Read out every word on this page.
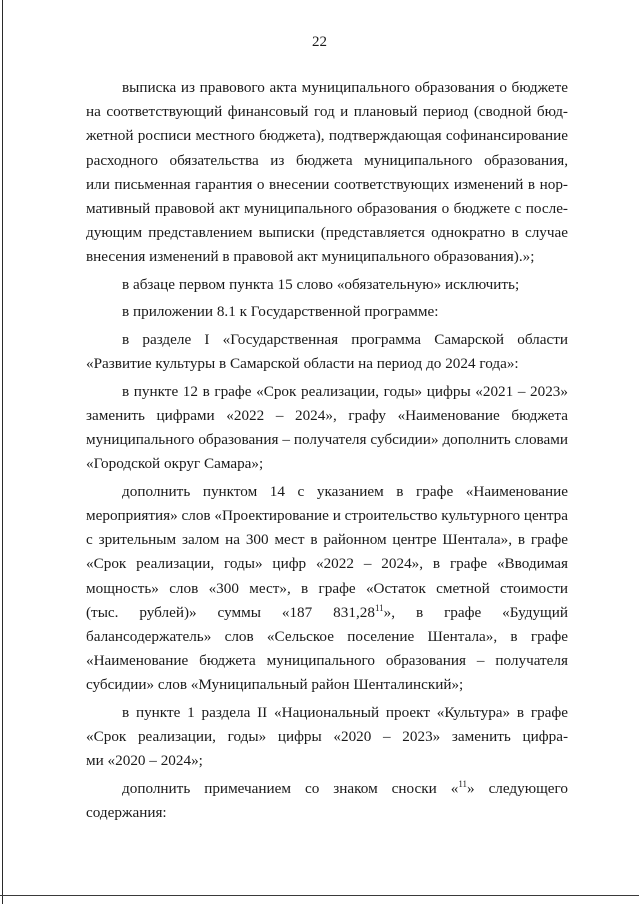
22
выписка из правового акта муниципального образования о бюджете
на соответствующий финансовый год и плановый период (сводной бюд-
жетной росписи местного бюджета), подтверждающая софинансирование
расходного обязательства из бюджета муниципального образования,
или письменная гарантия о внесении соответствующих изменений в нор-
мативный правовой акт муниципального образования о бюджете с после-
дующим представлением выписки (представляется однократно в случае
внесения изменений в правовой акт муниципального образования).»;
в абзаце первом пункта 15 слово «обязательную» исключить;
в приложении 8.1 к Государственной программе:
в разделе I «Государственная программа Самарской области
«Развитие культуры в Самарской области на период до 2024 года»:
в пункте 12 в графе «Срок реализации, годы» цифры «2021 – 2023»
заменить цифрами «2022 – 2024», графу «Наименование бюджета
муниципального образования – получателя субсидии» дополнить словами
«Городской округ Самара»;
дополнить пунктом 14 с указанием в графе «Наименование
мероприятия» слов «Проектирование и строительство культурного центра
с зрительным залом на 300 мест в районном центре Шентала», в графе
«Срок реализации, годы» цифр «2022 – 2024», в графе «Вводимая
мощность» слов «300 мест», в графе «Остаток сметной стоимости
(тыс. рублей)» суммы «187 831,28$^{11}$», в графе «Будущий
балансодержатель» слов «Сельское поселение Шентала», в графе
«Наименование бюджета муниципального образования – получателя
субсидии» слов «Муниципальный район Шенталинский»;
в пункте 1 раздела II «Национальный проект «Культура» в графе
«Срок реализации, годы» цифры «2020 – 2023» заменить цифра-
ми «2020 – 2024»;
дополнить примечанием со знаком сноски «$^{11}$» следующего
содержания:
